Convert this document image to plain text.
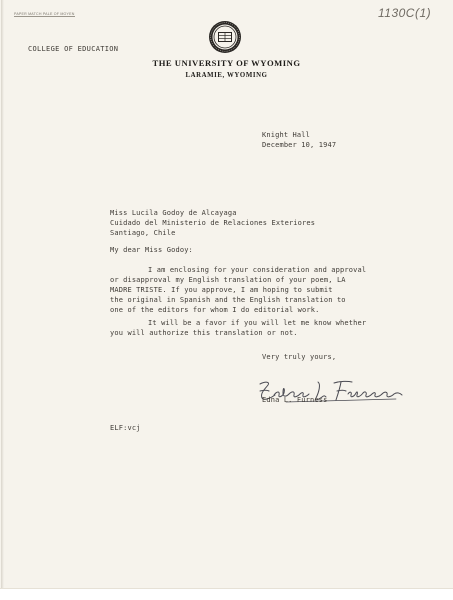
PAPER MATCH PALE OF MOYEN	1130C(1)
COLLEGE OF EDUCATION
THE UNIVERSITY OF WYOMING
LARAMIE, WYOMING
Knight Hall
December 10, 1947
Miss Lucila Godoy de Alcayaga
Cuidado del Ministerio de Relaciones Exteriores
Santiago, Chile
My dear Miss Godoy:
I am enclosing for your consideration and approval
or disapproval my English translation of your poem, LA
MADRE TRISTE. If you approve, I am hoping to submit
the original in Spanish and the English translation to
one of the editors for whom I do editorial work.
It will be a favor if you will let me know whether
you will authorize this translation or not.
Very truly yours,
Edna L. Furness
ELF:vcj
